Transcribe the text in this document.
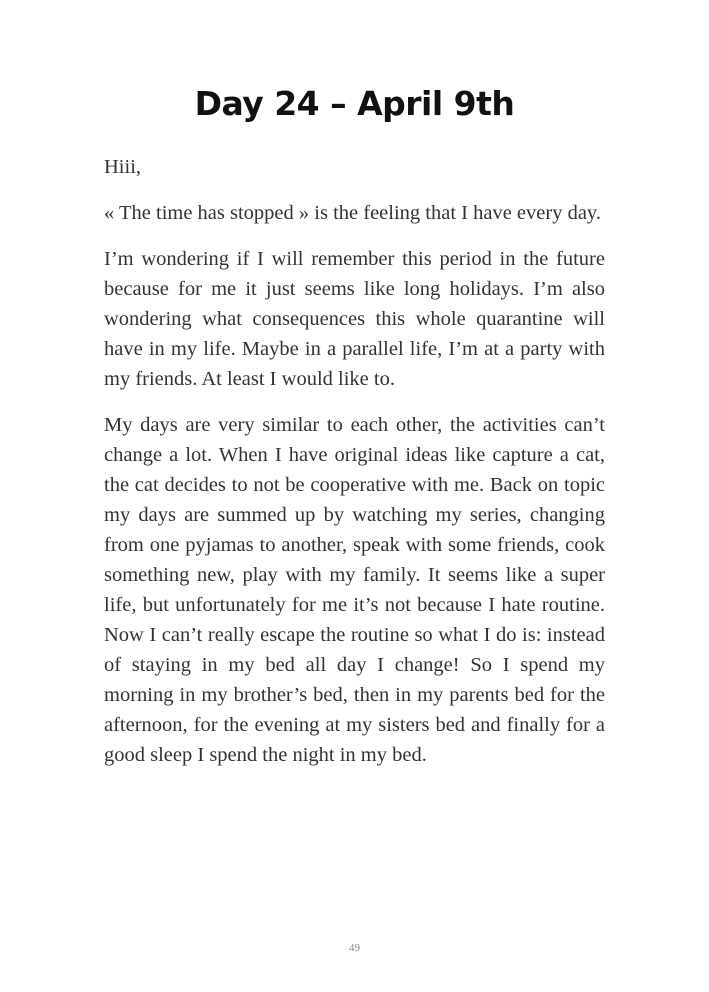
Day 24 – April 9th

Hiii,

« The time has stopped » is the feeling that I have every day.

I’m wondering if I will remember this period in the future because for me it just seems like long holidays. I’m also wondering what consequences this whole quarantine will have in my life. Maybe in a parallel life, I’m at a party with my friends. At least I would like to.

My days are very similar to each other, the activities can’t change a lot. When I have original ideas like capture a cat, the cat decides to not be cooperative with me. Back on topic my days are summed up by watching my series, changing from one pyjamas to another, speak with some friends, cook something new, play with my family. It seems like a super life, but unfortunately for me it’s not because I hate routine. Now I can’t really escape the routine so what I do is: instead of staying in my bed all day I change! So I spend my morning in my brother’s bed, then in my parents bed for the afternoon, for the evening at my sisters bed and finally for a good sleep I spend the night in my bed.

49
